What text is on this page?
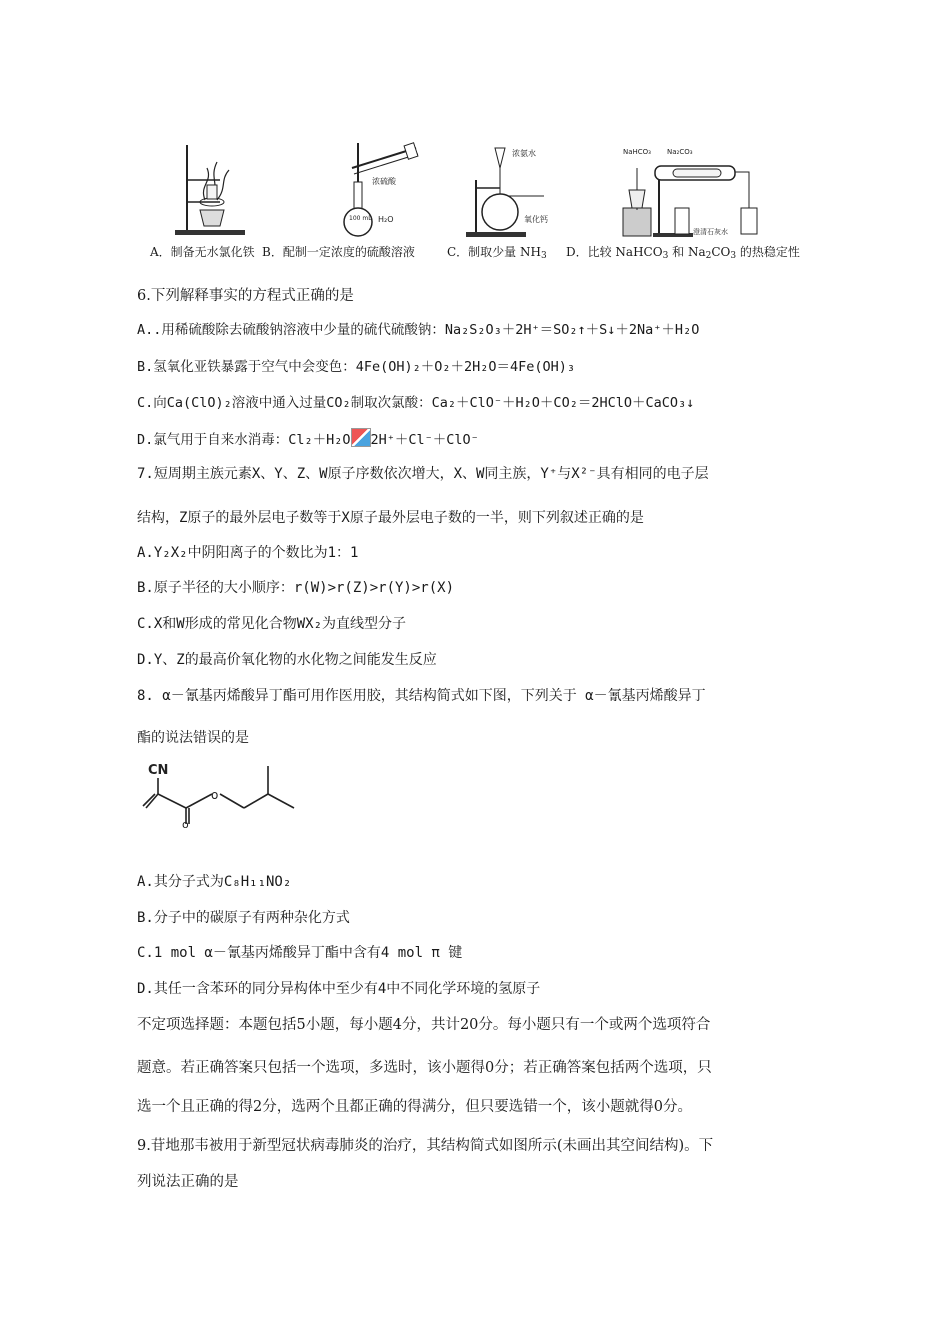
浓硫酸
100 mL H₂O
浓氨水
氧化钙
NaHCO₃ Na₂CO₃
澄清石灰水
A．制备无水氯化铁 B．配制一定浓度的硫酸溶液	C．制取少量 $NH_3$ D．比较 NaHCO$_3$ 和 $Na_2CO_3$ 的热稳定性
6.下列解释事实的方程式正确的是
A..用稀硫酸除去硫酸钠溶液中少量的硫代硫酸钠：Na₂S₂O₃＋2H⁺＝SO₂↑＋S↓＋2Na⁺＋H₂O
B.氢氧化亚铁暴露于空气中会变色：4Fe(OH)₂＋O₂＋2H₂O＝4Fe(OH)₃
C.向Ca(ClO)₂溶液中通入过量CO₂制取次氯酸：Ca₂＋ClO⁻＋H₂O＋CO₂＝2HClO＋CaCO₃↓
D.氯气用于自来水消毒：Cl₂＋H₂O 2H⁺＋Cl⁻＋ClO⁻
7.短周期主族元素X、Y、Z、W原子序数依次增大，X、W同主族，Y⁺与X²⁻具有相同的电子层
结构，Z原子的最外层电子数等于X原子最外层电子数的一半，则下列叙述正确的是
A.Y₂X₂中阴阳离子的个数比为1：1
B.原子半径的大小顺序：r(W)>r(Z)>r(Y)>r(X)
C.X和W形成的常见化合物WX₂为直线型分子
D.Y、Z的最高价氧化物的水化物之间能发生反应
8. α－氰基丙烯酸异丁酯可用作医用胶，其结构简式如下图，下列关于 α－氰基丙烯酸异丁
酯的说法错误的是
CN
o
o
A.其分子式为C₈H₁₁NO₂
B.分子中的碳原子有两种杂化方式
C.1 mol α－氰基丙烯酸异丁酯中含有4 mol π 键
D.其任一含苯环的同分异构体中至少有4中不同化学环境的氢原子
不定项选择题：本题包括5小题，每小题4分，共计20分。每小题只有一个或两个选项符合
题意。若正确答案只包括一个选项，多选时，该小题得0分；若正确答案包括两个选项，只
选一个且正确的得2分，选两个且都正确的得满分，但只要选错一个，该小题就得0分。
9.苷地那韦被用于新型冠状病毒肺炎的治疗，其结构简式如图所示(未画出其空间结构)。下
列说法正确的是
